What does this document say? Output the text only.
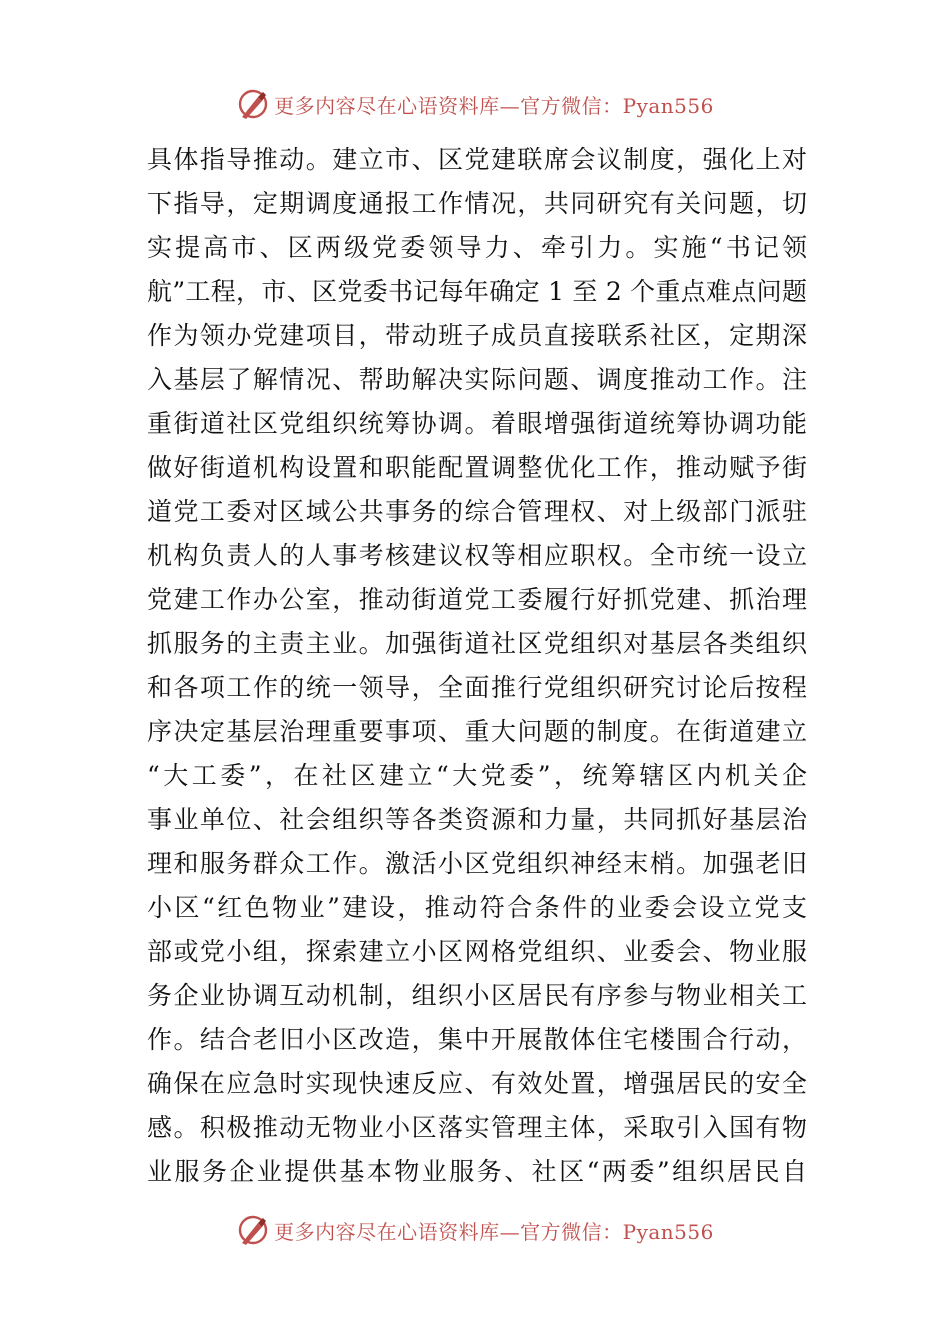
更多内容尽在心语资料库—官方微信：Pyan556
具体指导推动。建立市、区党建联席会议制度，强化上对
下指导，定期调度通报工作情况，共同研究有关问题，切
实提高市、区两级党委领导力、牵引力。实施“书记领
航”工程，市、区党委书记每年确定 1 至 2 个重点难点问题
作为领办党建项目，带动班子成员直接联系社区，定期深
入基层了解情况、帮助解决实际问题、调度推动工作。注
重街道社区党组织统筹协调。着眼增强街道统筹协调功能
做好街道机构设置和职能配置调整优化工作，推动赋予街
道党工委对区域公共事务的综合管理权、对上级部门派驻
机构负责人的人事考核建议权等相应职权。全市统一设立
党建工作办公室，推动街道党工委履行好抓党建、抓治理
抓服务的主责主业。加强街道社区党组织对基层各类组织
和各项工作的统一领导，全面推行党组织研究讨论后按程
序决定基层治理重要事项、重大问题的制度。在街道建立
“大工委”，在社区建立“大党委”，统筹辖区内机关企
事业单位、社会组织等各类资源和力量，共同抓好基层治
理和服务群众工作。激活小区党组织神经末梢。加强老旧
小区“红色物业”建设，推动符合条件的业委会设立党支
部或党小组，探索建立小区网格党组织、业委会、物业服
务企业协调互动机制，组织小区居民有序参与物业相关工
作。结合老旧小区改造，集中开展散体住宅楼围合行动，
确保在应急时实现快速反应、有效处置，增强居民的安全
感。积极推动无物业小区落实管理主体，采取引入国有物
业服务企业提供基本物业服务、社区“两委”组织居民自
更多内容尽在心语资料库—官方微信：Pyan556
